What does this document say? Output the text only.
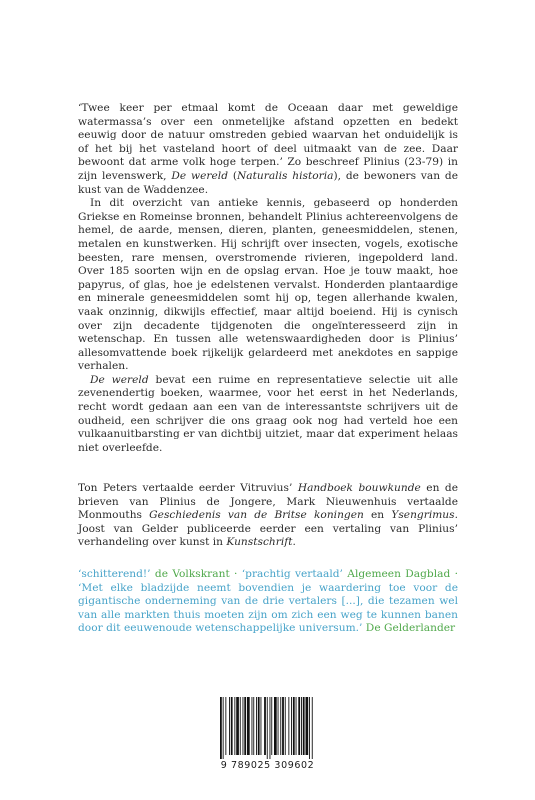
‘Twee keer per etmaal komt de Oceaan daar met geweldige watermassa’s over een onmetelijke afstand opzetten en bedekt eeuwig door de natuur omstreden gebied waarvan het onduidelijk is of het bij het vasteland hoort of deel uitmaakt van de zee. Daar bewoont dat arme volk hoge terpen.’ Zo beschreef Plinius (23-79) in zijn levenswerk, De wereld (Naturalis historia), de bewoners van de kust van de Waddenzee.

In dit overzicht van antieke kennis, gebaseerd op honderden Griekse en Romeinse bronnen, behandelt Plinius achtereenvolgens de hemel, de aarde, mensen, dieren, planten, geneesmiddelen, stenen, metalen en kunstwerken. Hij schrijft over insecten, vogels, exotische beesten, rare mensen, overstromende rivieren, ingepolderd land. Over 185 soorten wijn en de opslag ervan. Hoe je touw maakt, hoe papyrus, of glas, hoe je edelstenen vervalst. Honderden plantaardige en minerale geneesmiddelen somt hij op, tegen allerhande kwalen, vaak onzinnig, dikwijls effectief, maar altijd boeiend. Hij is cynisch over zijn decadente tijdgenoten die ongeïnteresseerd zijn in wetenschap. En tussen alle wetenswaardigheden door is Plinius’ allesomvattende boek rijkelijk gelardeerd met anekdotes en sappige verhalen.

De wereld bevat een ruime en representatieve selectie uit alle zevenendertig boeken, waarmee, voor het eerst in het Nederlands, recht wordt gedaan aan een van de interessantste schrijvers uit de oudheid, een schrijver die ons graag ook nog had verteld hoe een vulkaanuitbarsting er van dichtbij uitziet, maar dat experiment helaas niet overleefde.

Ton Peters vertaalde eerder Vitruvius’ Handboek bouwkunde en de brieven van Plinius de Jongere, Mark Nieuwenhuis vertaalde Monmouths Geschiedenis van de Britse koningen en Ysengrimus. Joost van Gelder publiceerde eerder een vertaling van Plinius’ verhandeling over kunst in Kunstschrift.

‘schitterend!’ de Volkskrant · ‘prachtig vertaald’ Algemeen Dagblad · ‘Met elke bladzijde neemt bovendien je waardering toe voor de gigantische onderneming van de drie vertalers [...], die tezamen wel van alle markten thuis moeten zijn om zich een weg te kunnen banen door dit eeuwenoude wetenschappelijke universum.’ De Gelderlander

9 789025 309602
